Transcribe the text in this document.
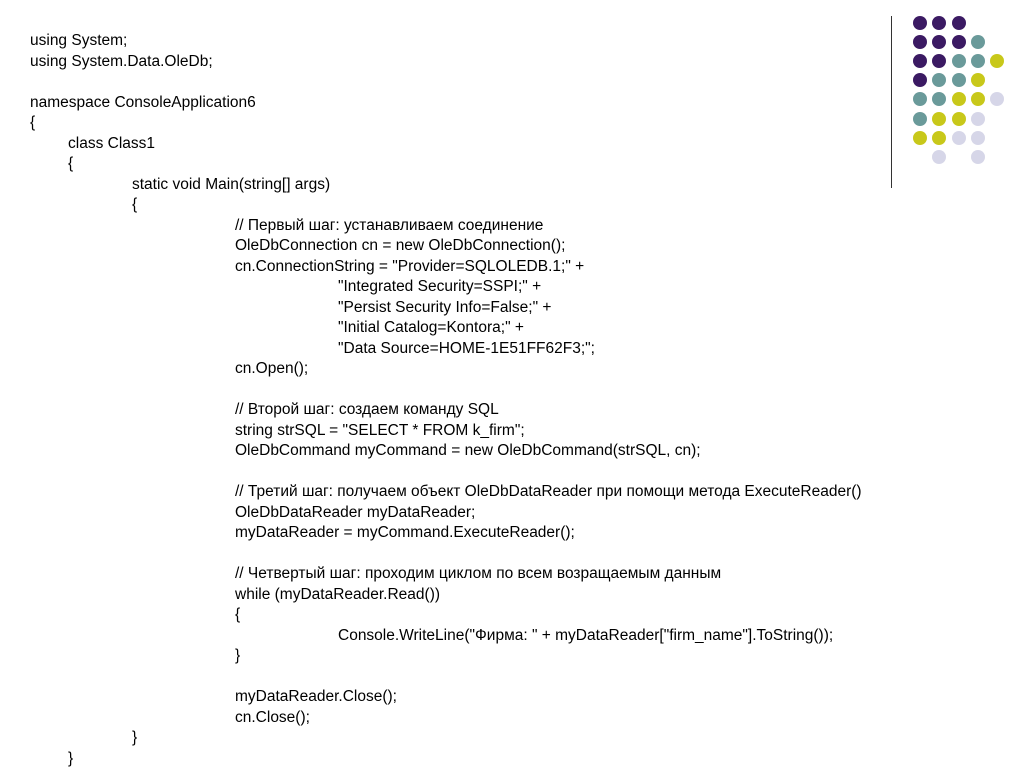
using System;
using System.Data.OleDb;
namespace ConsoleApplication6
{
class Class1
{
static void Main(string[] args)
{
// Первый шаг: устанавливаем соединение
OleDbConnection cn = new OleDbConnection();
cn.ConnectionString = "Provider=SQLOLEDB.1;" +
"Integrated Security=SSPI;" +
"Persist Security Info=False;" +
"Initial Catalog=Kontora;" +
"Data Source=HOME-1E51FF62F3;";
cn.Open();
// Второй шаг: создаем команду SQL
string strSQL = "SELECT * FROM k_firm";
OleDbCommand myCommand = new OleDbCommand(strSQL, cn);
// Третий шаг: получаем объект OleDbDataReader при помощи метода ExecuteReader()
OleDbDataReader myDataReader;
myDataReader = myCommand.ExecuteReader();
// Четвертый шаг: проходим циклом по всем возращаемым данным
while (myDataReader.Read())
{
Console.WriteLine("Фирма: " + myDataReader["firm_name"].ToString());
}
myDataReader.Close();
cn.Close();
}
}
